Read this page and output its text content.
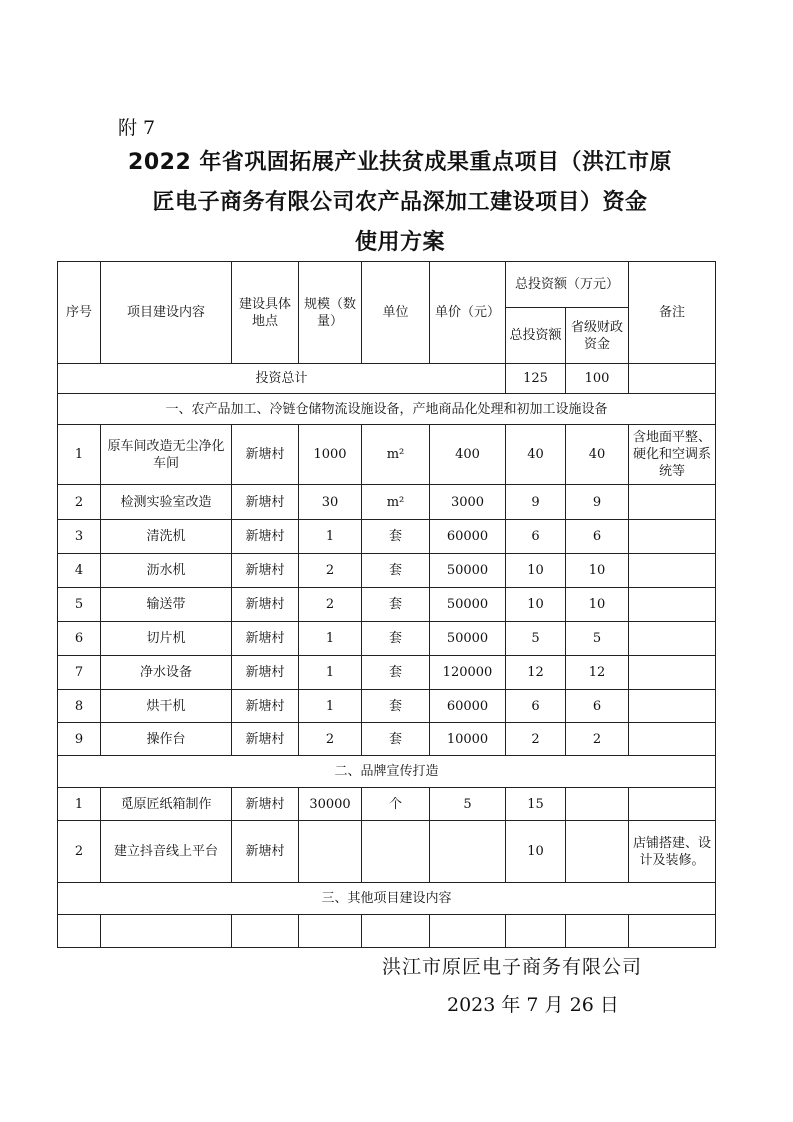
附 7
2022 年省巩固拓展产业扶贫成果重点项目（洪江市原
匠电子商务有限公司农产品深加工建设项目）资金
使用方案
序号	项目建设内容	建设具体地点	规模（数量）	单位	单价（元）	总投资额（万元）		备注
						总投资额	省级财政资金	
投资总计						125	100	
一、农产品加工、冷链仓储物流设施设备，产地商品化处理和初加工设施设备								
1	原车间改造无尘净化车间	新塘村	1000	m²	400	40	40	含地面平整、硬化和空调系统等
2	检测实验室改造	新塘村	30	m²	3000	9	9	
3	清洗机	新塘村	1	套	60000	6	6	
4	沥水机	新塘村	2	套	50000	10	10	
5	输送带	新塘村	2	套	50000	10	10	
6	切片机	新塘村	1	套	50000	5	5	
7	净水设备	新塘村	1	套	120000	12	12	
8	烘干机	新塘村	1	套	60000	6	6	
9	操作台	新塘村	2	套	10000	2	2	
二、品牌宣传打造								
1	觅原匠纸箱制作	新塘村	30000	个	5	15		
2	建立抖音线上平台	新塘村				10		店铺搭建、设计及装修。
三、其他项目建设内容								

洪江市原匠电子商务有限公司
2023 年 7 月 26 日
